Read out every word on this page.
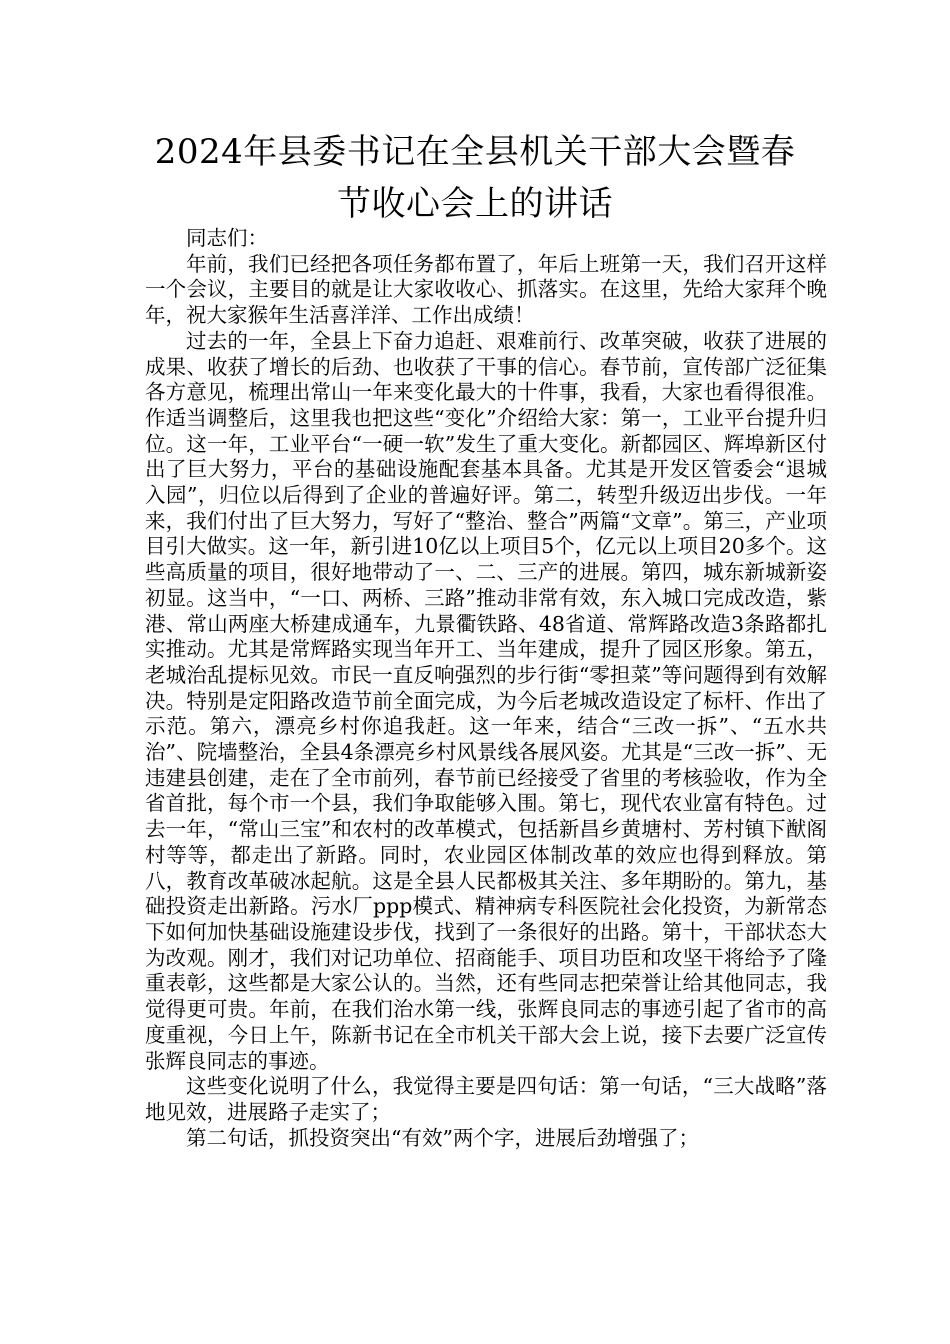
2024年县委书记在全县机关干部大会暨春
节收心会上的讲话

同志们：

年前，我们已经把各项任务都布置了，年后上班第一天，我们召开这样一个会议，主要目的就是让大家收收心、抓落实。在这里，先给大家拜个晚年，祝大家猴年生活喜洋洋、工作出成绩！

过去的一年，全县上下奋力追赶、艰难前行、改革突破，收获了进展的成果、收获了增长的后劲、也收获了干事的信心。春节前，宣传部广泛征集各方意见，梳理出常山一年来变化最大的十件事，我看，大家也看得很准。作适当调整后，这里我也把这些“变化”介绍给大家：第一，工业平台提升归位。这一年，工业平台“一硬一软”发生了重大变化。新都园区、辉埠新区付出了巨大努力，平台的基础设施配套基本具备。尤其是开发区管委会“退城入园”，归位以后得到了企业的普遍好评。第二，转型升级迈出步伐。一年来，我们付出了巨大努力，写好了“整治、整合”两篇“文章”。第三，产业项目引大做实。这一年，新引进10亿以上项目5个，亿元以上项目20多个。这些高质量的项目，很好地带动了一、二、三产的进展。第四，城东新城新姿初显。这当中，“一口、两桥、三路”推动非常有效，东入城口完成改造，紫港、常山两座大桥建成通车，九景衢铁路、48省道、常辉路改造3条路都扎实推动。尤其是常辉路实现当年开工、当年建成，提升了园区形象。第五，老城治乱提标见效。市民一直反响强烈的步行街“零担菜”等问题得到有效解决。特别是定阳路改造节前全面完成，为今后老城改造设定了标杆、作出了示范。第六，漂亮乡村你追我赶。这一年来，结合“三改一拆”、“五水共治”、院墙整治，全县4条漂亮乡村风景线各展风姿。尤其是“三改一拆”、无违建县创建，走在了全市前列，春节前已经接受了省里的考核验收，作为全省首批，每个市一个县，我们争取能够入围。第七，现代农业富有特色。过去一年，“常山三宝”和农村的改革模式，包括新昌乡黄塘村、芳村镇下猷阁村等等，都走出了新路。同时，农业园区体制改革的效应也得到释放。第八，教育改革破冰起航。这是全县人民都极其关注、多年期盼的。第九，基础投资走出新路。污水厂ppp模式、精神病专科医院社会化投资，为新常态下如何加快基础设施建设步伐，找到了一条很好的出路。第十，干部状态大为改观。刚才，我们对记功单位、招商能手、项目功臣和攻坚干将给予了隆重表彰，这些都是大家公认的。当然，还有些同志把荣誉让给其他同志，我觉得更可贵。年前，在我们治水第一线，张辉良同志的事迹引起了省市的高度重视，今日上午，陈新书记在全市机关干部大会上说，接下去要广泛宣传张辉良同志的事迹。

这些变化说明了什么，我觉得主要是四句话：第一句话，“三大战略”落地见效，进展路子走实了；

第二句话，抓投资突出“有效”两个字，进展后劲增强了；
